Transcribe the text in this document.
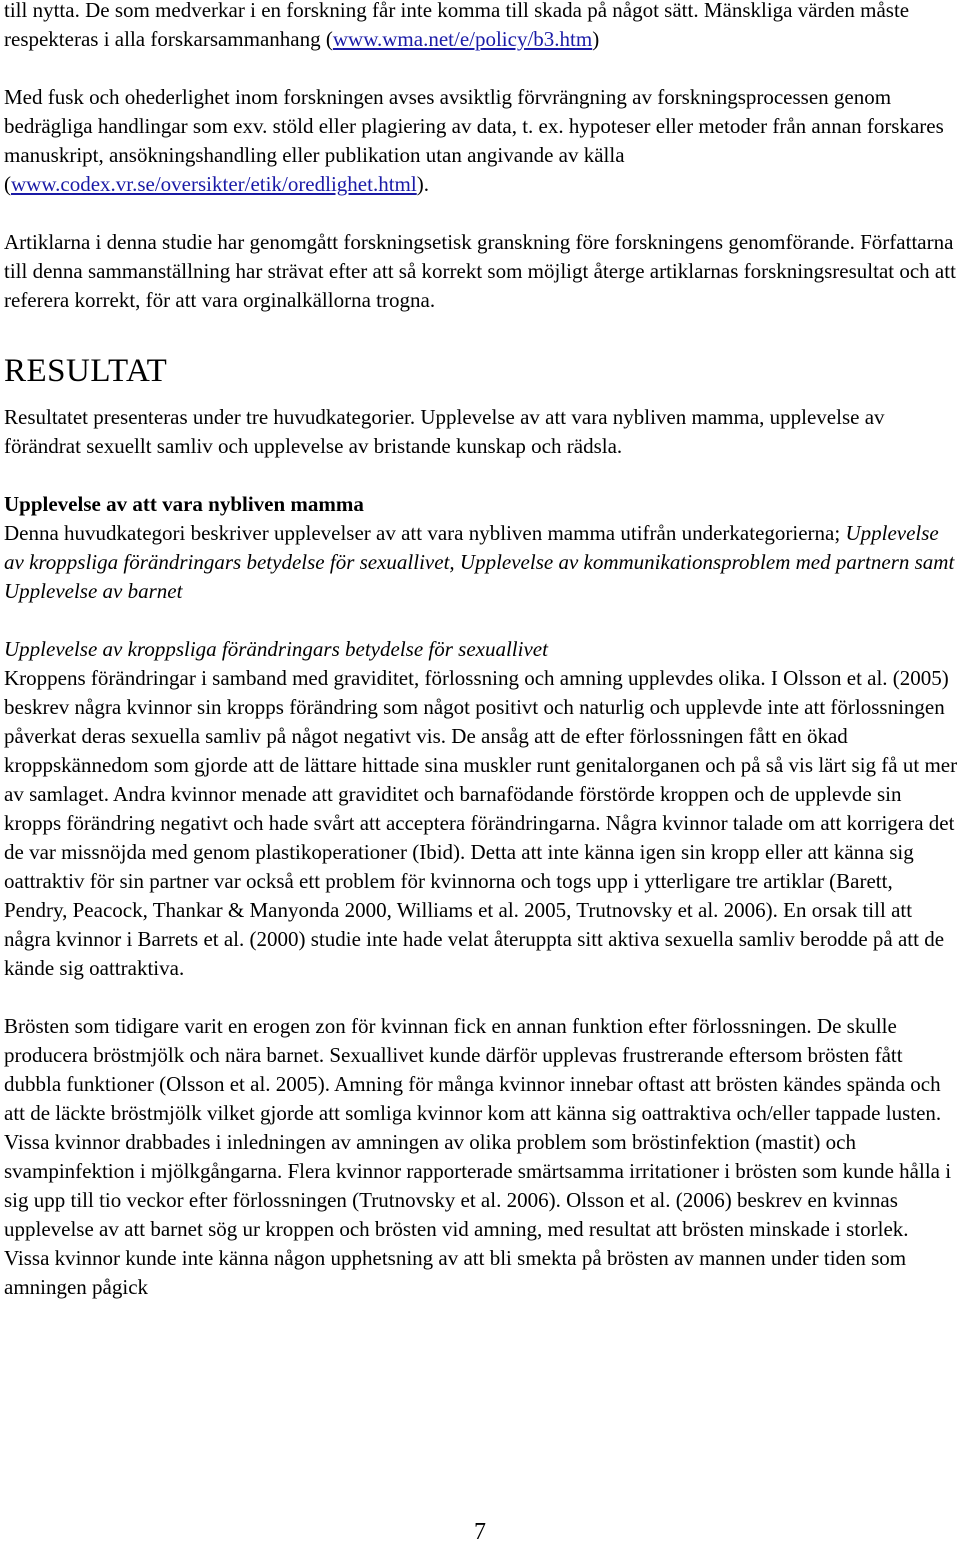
till nytta. De som medverkar i en forskning får inte komma till skada på något sätt. Mänskliga värden måste respekteras i alla forskarsammanhang (www.wma.net/e/policy/b3.htm)

Med fusk och ohederlighet inom forskningen avses avsiktlig förvrängning av forskningsprocessen genom bedrägliga handlingar som exv. stöld eller plagiering av data, t. ex. hypoteser eller metoder från annan forskares manuskript, ansökningshandling eller publikation utan angivande av källa (www.codex.vr.se/oversikter/etik/oredlighet.html).

Artiklarna i denna studie har genomgått forskningsetisk granskning före forskningens genomförande. Författarna till denna sammanställning har strävat efter att så korrekt som möjligt återge artiklarnas forskningsresultat och att referera korrekt, för att vara orginalkällorna trogna.

RESULTAT

Resultatet presenteras under tre huvudkategorier. Upplevelse av att vara nybliven mamma, upplevelse av förändrat sexuellt samliv och upplevelse av bristande kunskap och rädsla.

Upplevelse av att vara nybliven mamma

Denna huvudkategori beskriver upplevelser av att vara nybliven mamma utifrån underkategorierna; Upplevelse av kroppsliga förändringars betydelse för sexuallivet, Upplevelse av kommunikationsproblem med partnern samt Upplevelse av barnet

Upplevelse av kroppsliga förändringars betydelse för sexuallivet

Kroppens förändringar i samband med graviditet, förlossning och amning upplevdes olika. I Olsson et al. (2005) beskrev några kvinnor sin kropps förändring som något positivt och naturlig och upplevde inte att förlossningen påverkat deras sexuella samliv på något negativt vis. De ansåg att de efter förlossningen fått en ökad kroppskännedom som gjorde att de lättare hittade sina muskler runt genitalorganen och på så vis lärt sig få ut mer av samlaget. Andra kvinnor menade att graviditet och barnafödande förstörde kroppen och de upplevde sin kropps förändring negativt och hade svårt att acceptera förändringarna. Några kvinnor talade om att korrigera det de var missnöjda med genom plastikoperationer (Ibid). Detta att inte känna igen sin kropp eller att känna sig oattraktiv för sin partner var också ett problem för kvinnorna och togs upp i ytterligare tre artiklar (Barett, Pendry, Peacock, Thankar & Manyonda 2000, Williams et al. 2005, Trutnovsky et al. 2006). En orsak till att några kvinnor i Barrets et al. (2000) studie inte hade velat återuppta sitt aktiva sexuella samliv berodde på att de kände sig oattraktiva.

Brösten som tidigare varit en erogen zon för kvinnan fick en annan funktion efter förlossningen. De skulle producera bröstmjölk och nära barnet. Sexuallivet kunde därför upplevas frustrerande eftersom brösten fått dubbla funktioner (Olsson et al. 2005). Amning för många kvinnor innebar oftast att brösten kändes spända och att de läckte bröstmjölk vilket gjorde att somliga kvinnor kom att känna sig oattraktiva och/eller tappade lusten. Vissa kvinnor drabbades i inledningen av amningen av olika problem som bröstinfektion (mastit) och svampinfektion i mjölkgångarna. Flera kvinnor rapporterade smärtsamma irritationer i brösten som kunde hålla i sig upp till tio veckor efter förlossningen (Trutnovsky et al. 2006). Olsson et al. (2006) beskrev en kvinnas upplevelse av att barnet sög ur kroppen och brösten vid amning, med resultat att brösten minskade i storlek. Vissa kvinnor kunde inte känna någon upphetsning av att bli smekta på brösten av mannen under tiden som amningen pågick

7
